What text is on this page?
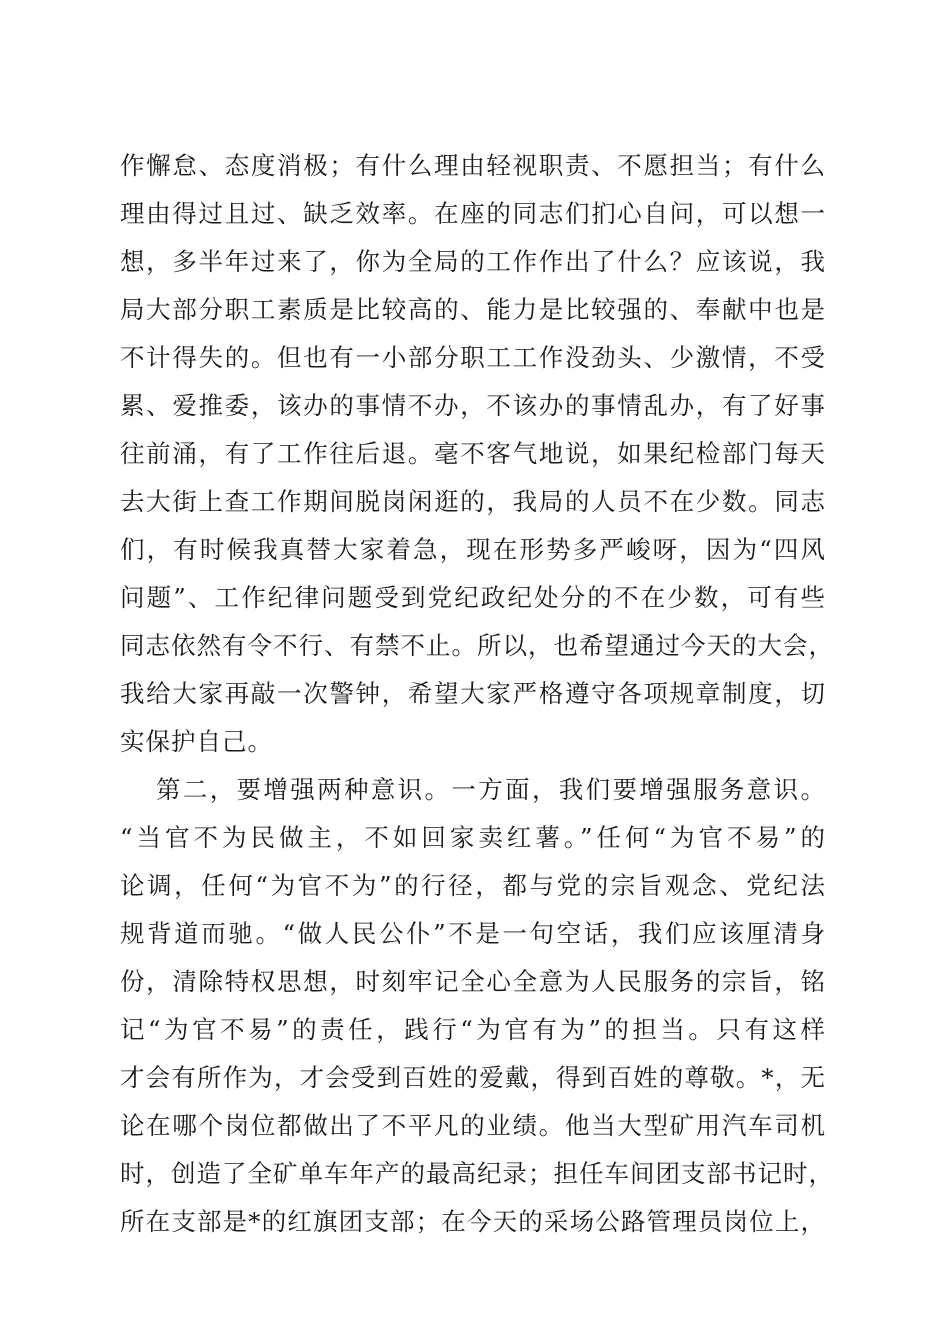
作懈怠、态度消极；有什么理由轻视职责、不愿担当；有什么
理由得过且过、缺乏效率。在座的同志们扪心自问，可以想一
想，多半年过来了，你为全局的工作作出了什么？应该说，我
局大部分职工素质是比较高的、能力是比较强的、奉献中也是
不计得失的。但也有一小部分职工工作没劲头、少激情，不受
累、爱推委，该办的事情不办，不该办的事情乱办，有了好事
往前涌，有了工作往后退。毫不客气地说，如果纪检部门每天
去大街上查工作期间脱岗闲逛的，我局的人员不在少数。同志
们，有时候我真替大家着急，现在形势多严峻呀，因为“四风
问题”、工作纪律问题受到党纪政纪处分的不在少数，可有些
同志依然有令不行、有禁不止。所以，也希望通过今天的大会，
我给大家再敲一次警钟，希望大家严格遵守各项规章制度，切
实保护自己。
第二，要增强两种意识。一方面，我们要增强服务意识。
“当官不为民做主，不如回家卖红薯。”任何“为官不易”的
论调，任何“为官不为”的行径，都与党的宗旨观念、党纪法
规背道而驰。“做人民公仆”不是一句空话，我们应该厘清身
份，清除特权思想，时刻牢记全心全意为人民服务的宗旨，铭
记“为官不易”的责任，践行“为官有为”的担当。只有这样
才会有所作为，才会受到百姓的爱戴，得到百姓的尊敬。*，无
论在哪个岗位都做出了不平凡的业绩。他当大型矿用汽车司机
时，创造了全矿单车年产的最高纪录；担任车间团支部书记时，
所在支部是*的红旗团支部；在今天的采场公路管理员岗位上，
